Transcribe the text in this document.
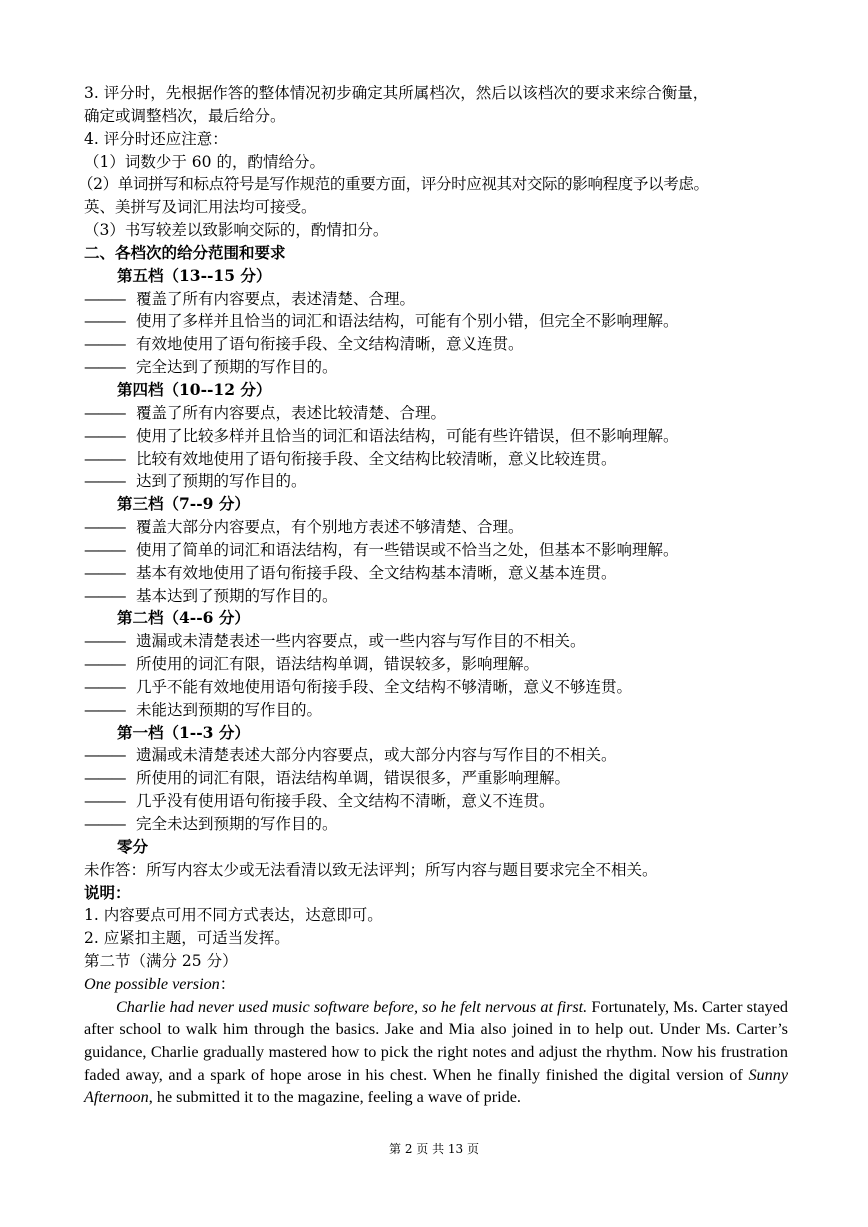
3. 评分时，先根据作答的整体情况初步确定其所属档次，然后以该档次的要求来综合衡量，
确定或调整档次，最后给分。
4. 评分时还应注意：
（1）词数少于 60 的，酌情给分。
（2）单词拼写和标点符号是写作规范的重要方面，评分时应视其对交际的影响程度予以考虑。
英、美拼写及词汇用法均可接受。
（3）书写较差以致影响交际的，酌情扣分。
二、各档次的给分范围和要求
第五档（13--15 分）
——— 覆盖了所有内容要点，表述清楚、合理。
——— 使用了多样并且恰当的词汇和语法结构，可能有个别小错，但完全不影响理解。
——— 有效地使用了语句衔接手段、全文结构清晰，意义连贯。
——— 完全达到了预期的写作目的。
第四档（10--12 分）
——— 覆盖了所有内容要点，表述比较清楚、合理。
——— 使用了比较多样并且恰当的词汇和语法结构，可能有些许错误，但不影响理解。
——— 比较有效地使用了语句衔接手段、全文结构比较清晰，意义比较连贯。
——— 达到了预期的写作目的。
第三档（7--9 分）
——— 覆盖大部分内容要点，有个别地方表述不够清楚、合理。
——— 使用了简单的词汇和语法结构，有一些错误或不恰当之处，但基本不影响理解。
——— 基本有效地使用了语句衔接手段、全文结构基本清晰，意义基本连贯。
——— 基本达到了预期的写作目的。
第二档（4--6 分）
——— 遗漏或未清楚表述一些内容要点，或一些内容与写作目的不相关。
——— 所使用的词汇有限，语法结构单调，错误较多，影响理解。
——— 几乎不能有效地使用语句衔接手段、全文结构不够清晰，意义不够连贯。
——— 未能达到预期的写作目的。
第一档（1--3 分）
——— 遗漏或未清楚表述大部分内容要点，或大部分内容与写作目的不相关。
——— 所使用的词汇有限，语法结构单调，错误很多，严重影响理解。
——— 几乎没有使用语句衔接手段、全文结构不清晰，意义不连贯。
——— 完全未达到预期的写作目的。
零分
未作答：所写内容太少或无法看清以致无法评判；所写内容与题目要求完全不相关。
说明：
1. 内容要点可用不同方式表达，达意即可。
2. 应紧扣主题，可适当发挥。
第二节（满分 25 分）
One possible version：

Charlie had never used music software before, so he felt nervous at first. Fortunately, Ms. Carter stayed after school to walk him through the basics. Jake and Mia also joined in to help out. Under Ms. Carter’s guidance, Charlie gradually mastered how to pick the right notes and adjust the rhythm. Now his frustration faded away, and a spark of hope arose in his chest. When he finally finished the digital version of Sunny Afternoon, he submitted it to the magazine, feeling a wave of pride.

第 2 页 共 13 页
